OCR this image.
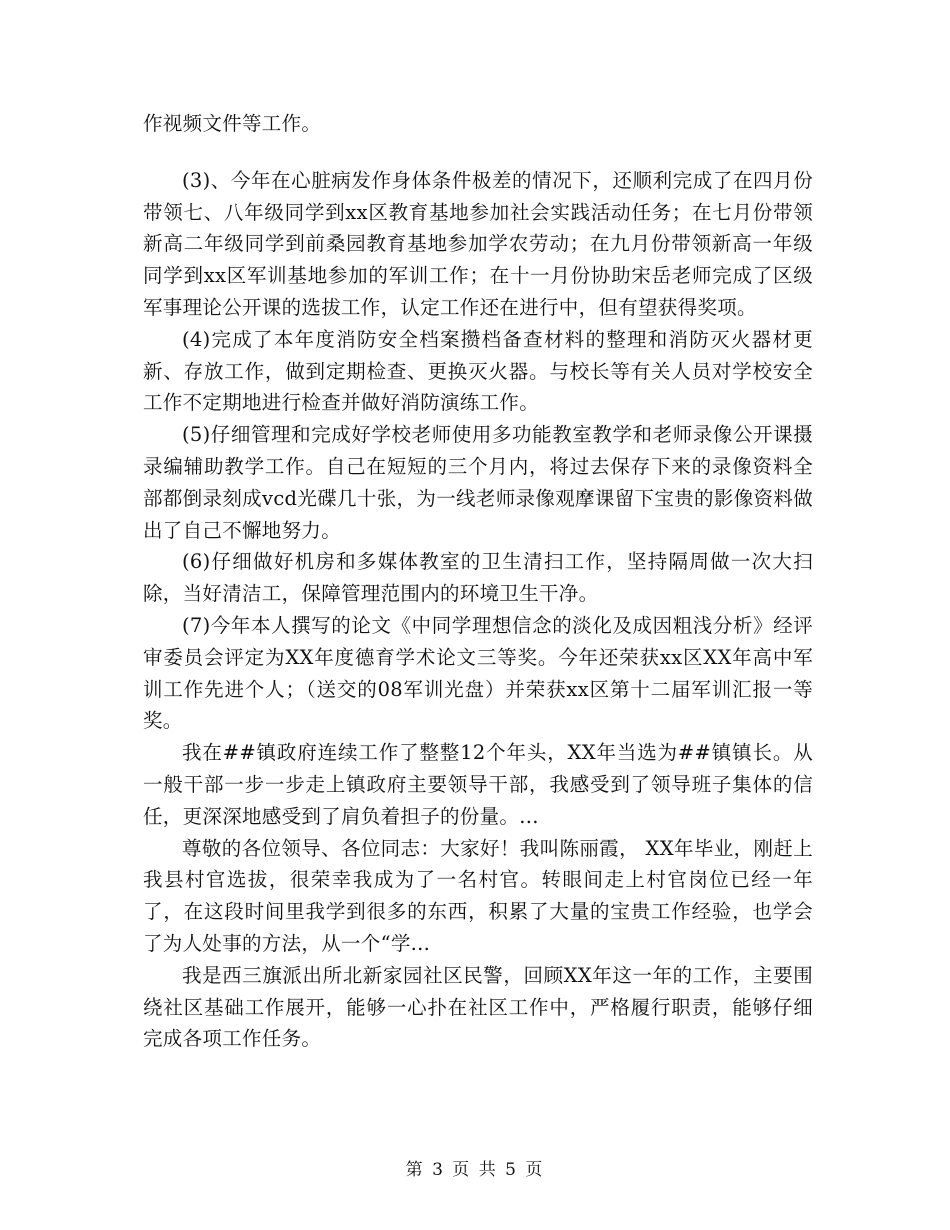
作视频文件等工作。

(3)、今年在心脏病发作身体条件极差的情况下，还顺利完成了在四月份带领七、八年级同学到xx区教育基地参加社会实践活动任务；在七月份带领新高二年级同学到前桑园教育基地参加学农劳动；在九月份带领新高一年级同学到xx区军训基地参加的军训工作；在十一月份协助宋岳老师完成了区级军事理论公开课的选拔工作，认定工作还在进行中，但有望获得奖项。

(4)完成了本年度消防安全档案攒档备查材料的整理和消防灭火器材更新、存放工作，做到定期检查、更换灭火器。与校长等有关人员对学校安全工作不定期地进行检查并做好消防演练工作。

(5)仔细管理和完成好学校老师使用多功能教室教学和老师录像公开课摄录编辅助教学工作。自己在短短的三个月内，将过去保存下来的录像资料全部都倒录刻成vcd光碟几十张，为一线老师录像观摩课留下宝贵的影像资料做出了自己不懈地努力。

(6)仔细做好机房和多媒体教室的卫生清扫工作，坚持隔周做一次大扫除，当好清洁工，保障管理范围内的环境卫生干净。

(7)今年本人撰写的论文《中同学理想信念的淡化及成因粗浅分析》经评审委员会评定为XX年度德育学术论文三等奖。今年还荣获xx区XX年高中军训工作先进个人；（送交的08军训光盘）并荣获xx区第十二届军训汇报一等奖。

我在##镇政府连续工作了整整12个年头，XX年当选为##镇镇长。从一般干部一步一步走上镇政府主要领导干部，我感受到了领导班子集体的信任，更深深地感受到了肩负着担子的份量。...

尊敬的各位领导、各位同志：大家好！我叫陈丽霞， XX年毕业，刚赶上我县村官选拔，很荣幸我成为了一名村官。转眼间走上村官岗位已经一年了，在这段时间里我学到很多的东西，积累了大量的宝贵工作经验，也学会了为人处事的方法，从一个“学...

我是西三旗派出所北新家园社区民警，回顾XX年这一年的工作，主要围绕社区基础工作展开，能够一心扑在社区工作中，严格履行职责，能够仔细完成各项工作任务。

第 3 页 共 5 页
